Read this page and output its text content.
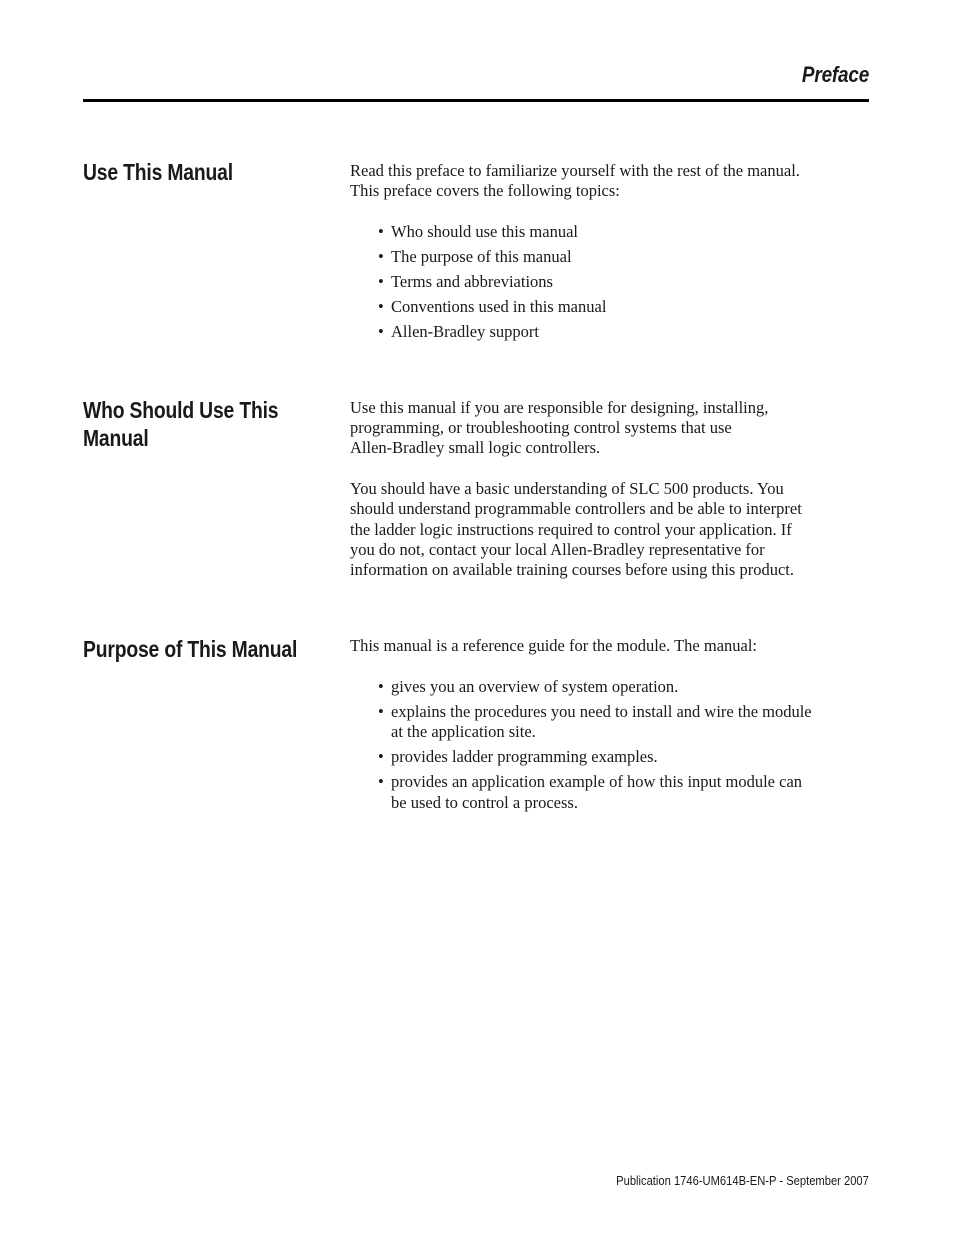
Preface
Use This Manual	Read this preface to familiarize yourself with the rest of the manual.
This preface covers the following topics:

• Who should use this manual
• The purpose of this manual
• Terms and abbreviations
• Conventions used in this manual
• Allen-Bradley support
Who Should Use This
Manual

Use this manual if you are responsible for designing, installing,
programming, or troubleshooting control systems that use
Allen-Bradley small logic controllers.

You should have a basic understanding of SLC 500 products. You
should understand programmable controllers and be able to interpret
the ladder logic instructions required to control your application. If
you do not, contact your local Allen-Bradley representative for
information on available training courses before using this product.

Purpose of This Manual	This manual is a reference guide for the module. The manual:

• gives you an overview of system operation.
• explains the procedures you need to install and wire the module
at the application site.
• provides ladder programming examples.
• provides an application example of how this input module can
be used to control a process.
Publication 1746-UM614B-EN-P - September 2007
